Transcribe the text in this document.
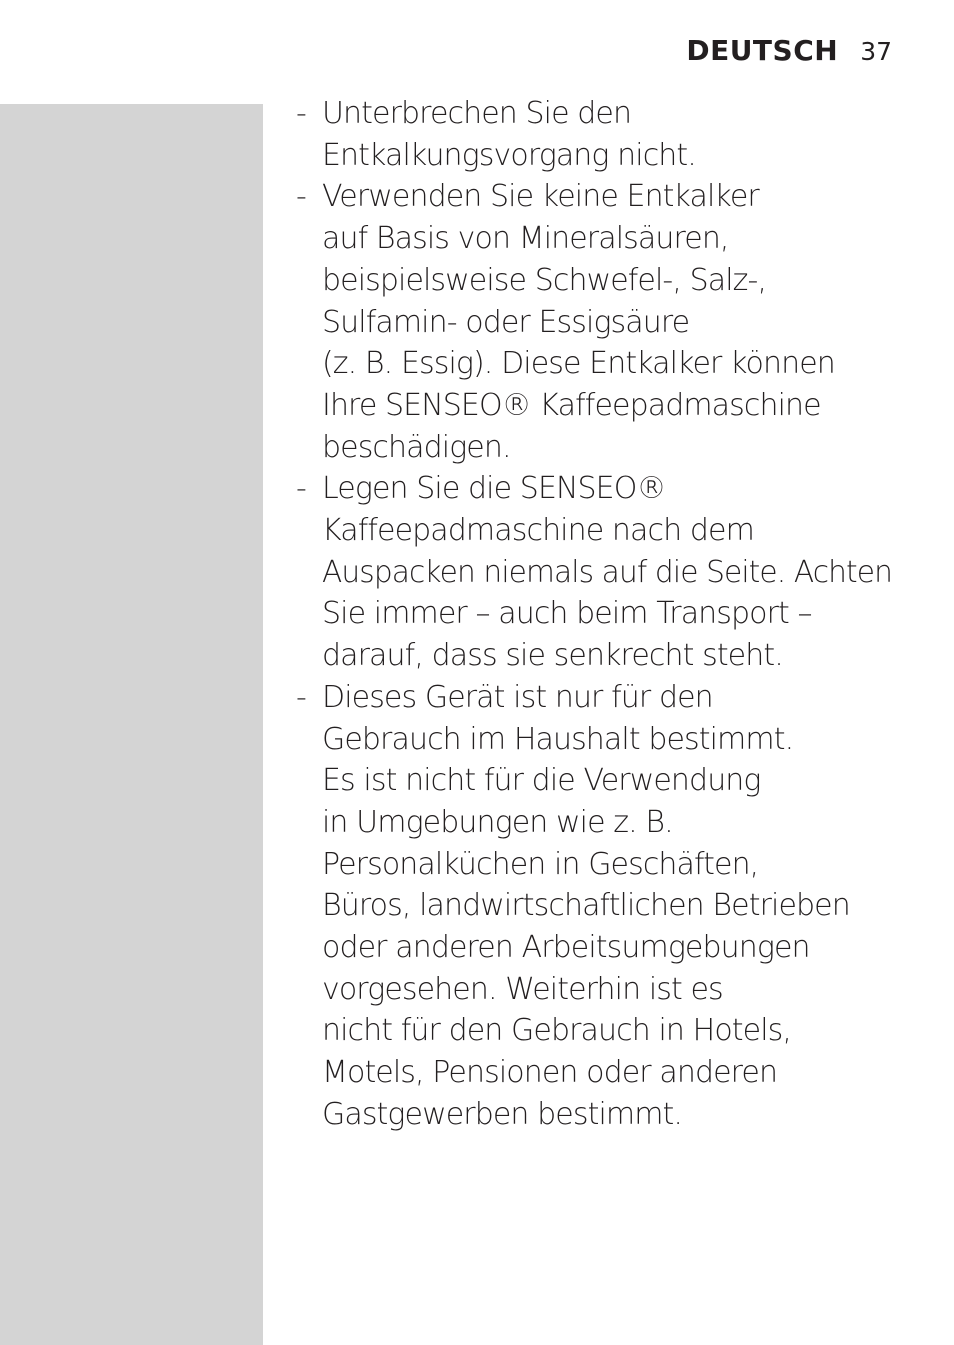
DEUTSCH 37
- Unterbrechen Sie den
Entkalkungsvorgang nicht.
- Verwenden Sie keine Entkalker
auf Basis von Mineralsäuren,
beispielsweise Schwefel-, Salz-,
Sulfamin- oder Essigsäure
(z. B. Essig). Diese Entkalker können
Ihre SENSEO® Kaffeepadmaschine
beschädigen.
- Legen Sie die SENSEO®
Kaffeepadmaschine nach dem
Auspacken niemals auf die Seite. Achten
Sie immer – auch beim Transport –
darauf, dass sie senkrecht steht.
- Dieses Gerät ist nur für den
Gebrauch im Haushalt bestimmt.
Es ist nicht für die Verwendung
in Umgebungen wie z. B.
Personalküchen in Geschäften,
Büros, landwirtschaftlichen Betrieben
oder anderen Arbeitsumgebungen
vorgesehen. Weiterhin ist es
nicht für den Gebrauch in Hotels,
Motels, Pensionen oder anderen
Gastgewerben bestimmt.
